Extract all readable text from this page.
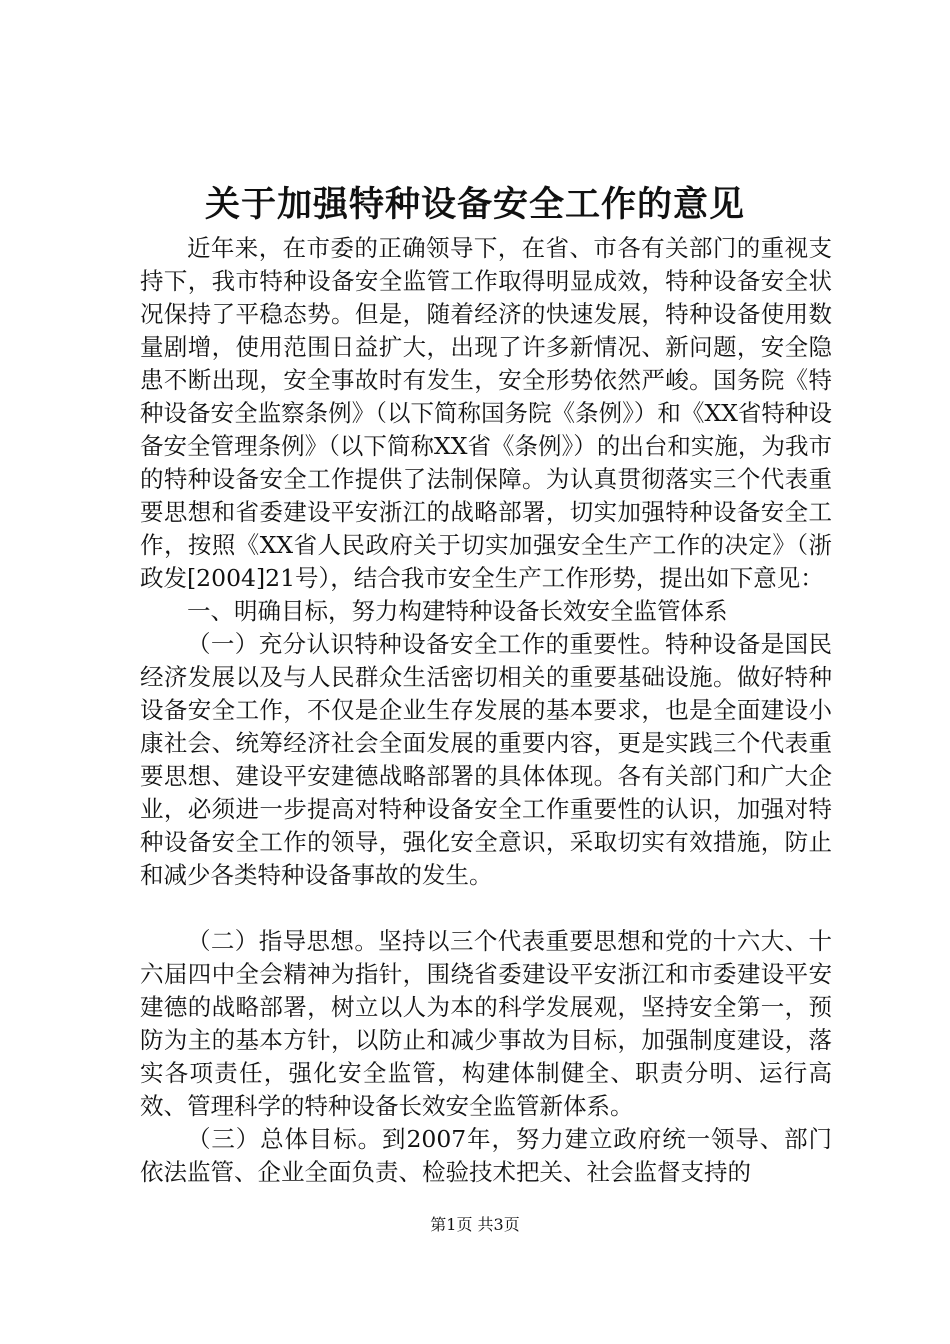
关于加强特种设备安全工作的意见

近年来，在市委的正确领导下，在省、市各有关部门的重视支持下，我市特种设备安全监管工作取得明显成效，特种设备安全状况保持了平稳态势。但是，随着经济的快速发展，特种设备使用数量剧增，使用范围日益扩大，出现了许多新情况、新问题，安全隐患不断出现，安全事故时有发生，安全形势依然严峻。国务院《特种设备安全监察条例》（以下简称国务院《条例》）和《XX省特种设备安全管理条例》（以下简称XX省《条例》）的出台和实施，为我市的特种设备安全工作提供了法制保障。为认真贯彻落实三个代表重要思想和省委建设平安浙江的战略部署，切实加强特种设备安全工作，按照《XX省人民政府关于切实加强安全生产工作的决定》（浙政发[2004]21号），结合我市安全生产工作形势，提出如下意见：

一、明确目标，努力构建特种设备长效安全监管体系

（一）充分认识特种设备安全工作的重要性。特种设备是国民经济发展以及与人民群众生活密切相关的重要基础设施。做好特种设备安全工作，不仅是企业生存发展的基本要求，也是全面建设小康社会、统筹经济社会全面发展的重要内容，更是实践三个代表重要思想、建设平安建德战略部署的具体体现。各有关部门和广大企业，必须进一步提高对特种设备安全工作重要性的认识，加强对特种设备安全工作的领导，强化安全意识，采取切实有效措施，防止和减少各类特种设备事故的发生。

（二）指导思想。坚持以三个代表重要思想和党的十六大、十六届四中全会精神为指针，围绕省委建设平安浙江和市委建设平安建德的战略部署，树立以人为本的科学发展观，坚持安全第一，预防为主的基本方针，以防止和减少事故为目标，加强制度建设，落实各项责任，强化安全监管，构建体制健全、职责分明、运行高效、管理科学的特种设备长效安全监管新体系。

（三）总体目标。到2007年，努力建立政府统一领导、部门依法监管、企业全面负责、检验技术把关、社会监督支持的

第1页 共3页
